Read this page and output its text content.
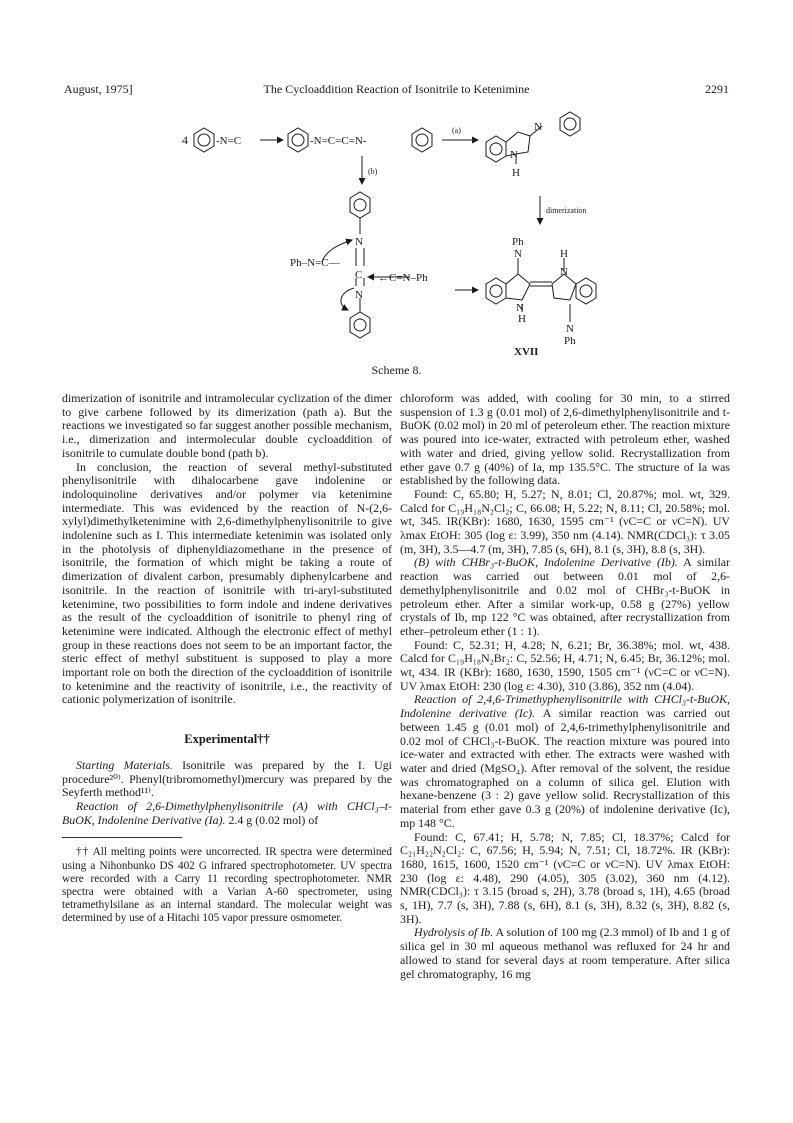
August, 1975]	The Cycloaddition Reaction of Isonitrile to Ketenimine	2291
4	-N=C	-N=C=C=N-
(a)	N
N
H
(b)
dimerization
N
C
N
Ph–N=C—
←C=N–Ph
Ph
N	H
N
N
H
N
Ph
XVII
Scheme 8.

dimerization of isonitrile and intramolecular cyclization of the dimer to give carbene followed by its dimerization (path a). But the reactions we investigated so far suggest another possible mechanism, i.e., dimerization and intermolecular double cycloaddition of isonitrile to cumulate double bond (path b).

In conclusion, the reaction of several methyl-substituted phenylisonitrile with dihalocarbene gave indolenine or indoloquinoline derivatives and/or polymer via ketenimine intermediate. This was evidenced by the reaction of N-(2,6-xylyl)dimethylketenimine with 2,6-dimethylphenylisonitrile to give indolenine such as I. This intermediate ketenimin was isolated only in the photolysis of diphenyldiazomethane in the presence of isonitrile, the formation of which might be taking a route of dimerization of divalent carbon, presumably diphenylcarbene and isonitrile. In the reaction of isonitrile with tri-aryl-substituted ketenimine, two possibilities to form indole and indene derivatives as the result of the cycloaddition of isonitrile to phenyl ring of ketenimine were indicated. Although the electronic effect of methyl group in these reactions does not seem to be an important factor, the steric effect of methyl substituent is supposed to play a more important role on both the direction of the cycloaddition of isonitrile to ketenimine and the reactivity of isonitrile, i.e., the reactivity of cationic polymerization of isonitrile.

Experimental††

Starting Materials. Isonitrile was prepared by the I. Ugi procedure²⁰⁾. Phenyl(tribromomethyl)mercury was prepared by the Seyferth method¹¹⁾.

Reaction of 2,6-Dimethylphenylisonitrile (A) with CHCl₃–t-BuOK, Indolenine Derivative (Ia). 2.4 g (0.02 mol) of

†† All melting points were uncorrected. IR spectra were determined using a Nihonbunko DS 402 G infrared spectrophotometer. UV spectra were recorded with a Carry 11 recording spectrophotometer. NMR spectra were obtained with a Varian A-60 spectrometer, using tetramethylsilane as an internal standard. The molecular weight was determined by use of a Hitachi 105 vapor pressure osmometer.

chloroform was added, with cooling for 30 min, to a stirred suspension of 1.3 g (0.01 mol) of 2,6-dimethylphenylisonitrile and t-BuOK (0.02 mol) in 20 ml of peteroleum ether. The reaction mixture was poured into ice-water, extracted with petroleum ether, washed with water and dried, giving yellow solid. Recrystallization from ether gave 0.7 g (40%) of Ia, mp 135.5°C. The structure of Ia was established by the following data.

Found: C, 65.80; H, 5.27; N, 8.01; Cl, 20.87%; mol. wt, 329. Calcd for C₁₉H₁₈N₂Cl₂; C, 66.08; H, 5.22; N, 8.11; Cl, 20.58%; mol. wt, 345. IR(KBr): 1680, 1630, 1595 cm⁻¹ (νC=C or νC=N). UV λmax EtOH: 305 (log ε: 3.99), 350 nm (4.14). NMR(CDCl₃): τ 3.05 (m, 3H), 3.5—4.7 (m, 3H), 7.85 (s, 6H), 8.1 (s, 3H), 8.8 (s, 3H).

(B) with CHBr₃-t-BuOK, Indolenine Derivative (Ib). A similar reaction was carried out between 0.01 mol of 2,6-demethylphenylisonitrile and 0.02 mol of CHBr₃-t-BuOK in petroleum ether. After a similar work-up, 0.58 g (27%) yellow crystals of Ib, mp 122 °C was obtained, after recrystallization from ether–petroleum ether (1 : 1).

Found: C, 52.31; H, 4.28; N, 6.21; Br, 36.38%; mol. wt, 438. Calcd for C₁₉H₁₈N₂Br₂: C, 52.56; H, 4.71; N, 6.45; Br, 36.12%; mol. wt, 434. IR (KBr): 1680, 1630, 1590, 1505 cm⁻¹ (νC=C or νC=N). UV λmax EtOH: 230 (log ε: 4.30), 310 (3.86), 352 nm (4.04).

Reaction of 2,4,6-Trimethyphenylisonitrile with CHCl₃-t-BuOK, Indolenine derivative (Ic). A similar reaction was carried out between 1.45 g (0.01 mol) of 2,4,6-trimethylphenylisonitrile and 0.02 mol of CHCl₃-t-BuOK. The reaction mixture was poured into ice-water and extracted with ether. The extracts were washed with water and dried (MgSO₄). After removal of the solvent, the residue was chromatographed on a column of silica gel. Elution with hexane-benzene (3 : 2) gave yellow solid. Recrystallization of this material from ether gave 0.3 g (20%) of indolenine derivative (Ic), mp 148 °C.

Found: C, 67.41; H, 5.78; N, 7.85; Cl, 18.37%; Calcd for C₂₁H₂₂N₂Cl₂: C, 67.56; H, 5.94; N, 7.51; Cl, 18.72%. IR (KBr): 1680, 1615, 1600, 1520 cm⁻¹ (νC=C or νC=N). UV λmax EtOH: 230 (log ε: 4.48), 290 (4.05), 305 (3.02), 360 nm (4.12). NMR(CDCl₃): τ 3.15 (broad s, 2H), 3.78 (broad s, 1H), 4.65 (broad s, 1H), 7.7 (s, 3H), 7.88 (s, 6H), 8.1 (s, 3H), 8.32 (s, 3H), 8.82 (s, 3H).

Hydrolysis of Ib. A solution of 100 mg (2.3 mmol) of Ib and 1 g of silica gel in 30 ml aqueous methanol was refluxed for 24 hr and allowed to stand for several days at room temperature. After silica gel chromatography, 16 mg
